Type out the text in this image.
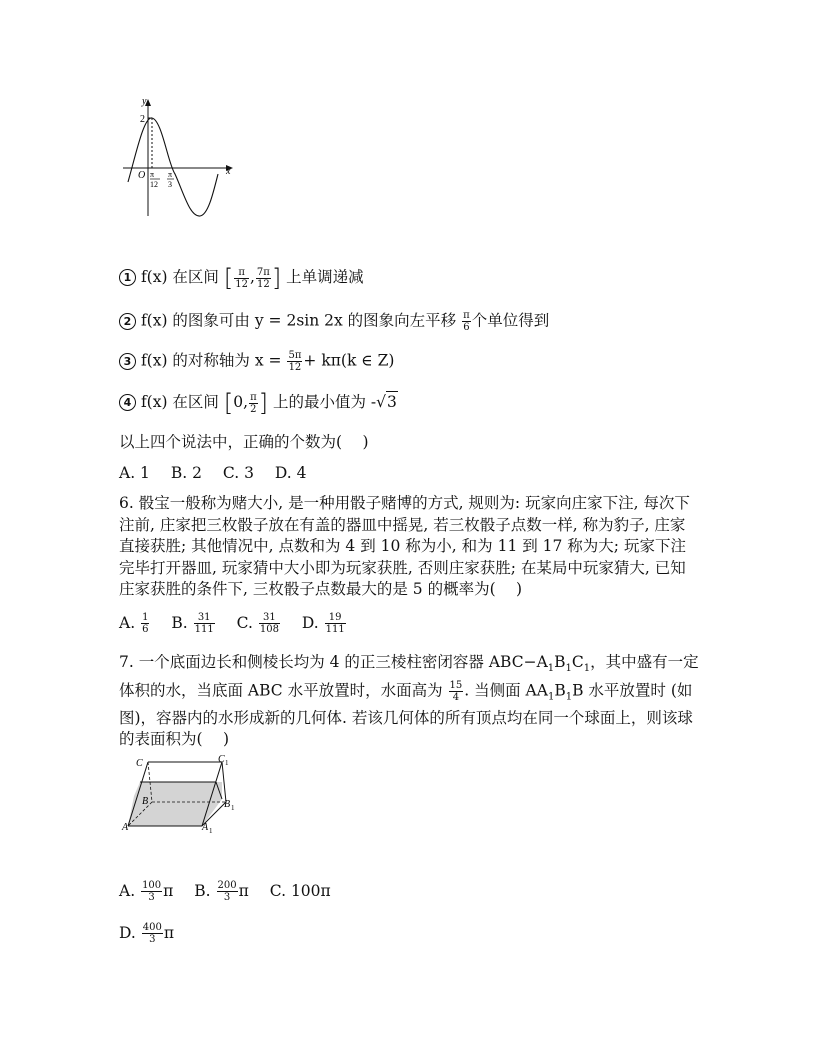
y
x
O
2
π
12
π
3
1 f(x) 在区间 [ $\frac{\pi}{12}$ , $\frac{7\pi}{12}$ ] 上单调递减
2 f(x) 的图象可由 y = 2sin 2x 的图象向左平移 $\frac{\pi}{6}$ 个单位得到
3 f(x) 的对称轴为 $x = \frac{5\pi}{12} + k\pi(k$ ∈ Z)
4 f(x) 在区间 [0, $\frac{\pi}{2}$ ] 上的最小值为 -√3
以上四个说法中，正确的个数为(　 )
A. 1 B. 2 C. 3 D. 4
6. 骰宝一般称为赌大小, 是一种用骰子赌博的方式, 规则为: 玩家向庄家下注, 每次下注前, 庄家把三枚骰子放在有盖的器皿中摇晃, 若三枚骰子点数一样, 称为豹子, 庄家直接获胜; 其他情况中, 点数和为 4 到 10 称为小, 和为 11 到 17 称为大; 玩家下注完毕打开器皿, 玩家猜中大小即为玩家获胜, 否则庄家获胜; 在某局中玩家猜大, 已知庄家获胜的条件下, 三枚骰子点数最大的是 5 的概率为(　 )
A. $\frac{1}{6} B$. $\frac{31}{111} C$. $\frac{31}{108} D$. $\frac{19}{111}$
7. 一个底面边长和侧棱长均为 4 的正三棱柱密闭容器 $ABC-A_1B_1C_1$，其中盛有一定体积的水，当底面 ABC 水平放置时，水面高为 $\frac{15}{4}$ . 当侧面 $AA_1B_1B$ 水平放置时 (如图)，容器内的水形成新的几何体. 若该几何体的所有顶点均在同一个球面上，则该球的表面积为(　 )
C	C 1
B	B 1
A	A 1
A. $\frac{100}{3}$ π B. $\frac{200}{3}$ π C. 100π
D. $\frac{400}{3}$ π
